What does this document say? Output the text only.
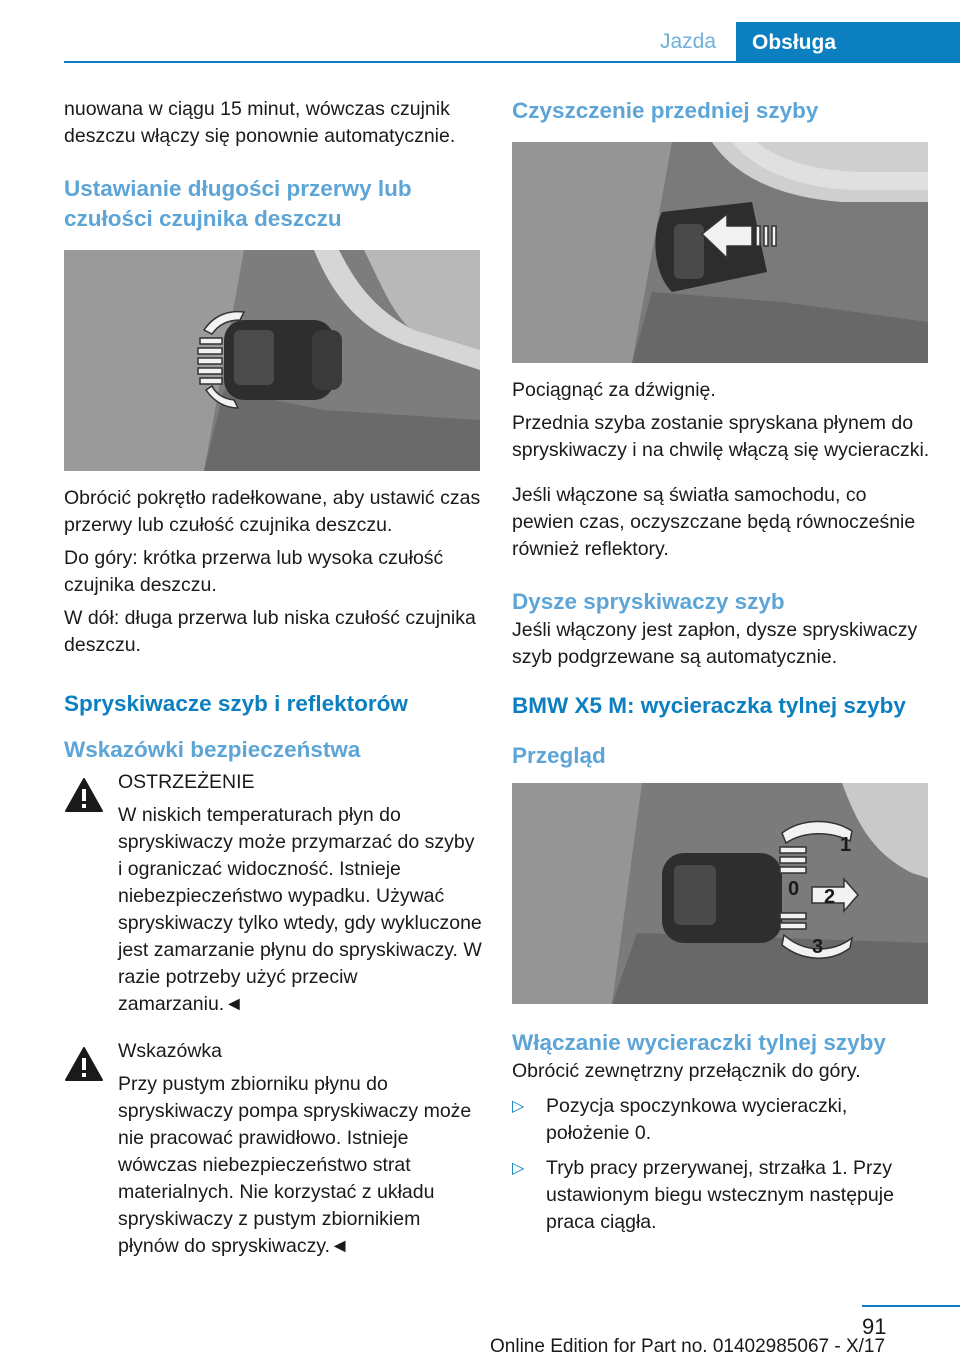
Jazda	Obsługa

nuowana w ciągu 15 minut, wówczas czujnik deszczu włączy się ponownie automatycznie.

Ustawianie długości przerwy lub czułości czujnika deszczu

Obrócić pokrętło radełkowane, aby ustawić czas przerwy lub czułość czujnika deszczu.

Do góry: krótka przerwa lub wysoka czułość czujnika deszczu.

W dół: długa przerwa lub niska czułość czujnika deszczu.

Spryskiwacze szyb i reflektorów
Wskazówki bezpieczeństwa

OSTRZEŻENIE

W niskich temperaturach płyn do spryskiwaczy może przymarzać do szyby i ograniczać widoczność. Istnieje niebezpieczeństwo wypadku. Używać spryskiwaczy tylko wtedy, gdy wykluczone jest zamarzanie płynu do spryskiwaczy. W razie potrzeby użyć przeciw zamarzaniu.◄

Wskazówka

Przy pustym zbiorniku płynu do spryskiwaczy pompa spryskiwaczy może nie pracować prawidłowo. Istnieje wówczas niebezpieczeństwo strat materialnych. Nie korzystać z układu spryskiwaczy z pustym zbiornikiem płynów do spryskiwaczy.◄

Czyszczenie przedniej szyby

Pociągnąć za dźwignię.

Przednia szyba zostanie spryskana płynem do spryskiwaczy i na chwilę włączą się wycieraczki.

Jeśli włączone są światła samochodu, co pewien czas, oczyszczane będą równocześnie również reflektory.

Dysze spryskiwaczy szyb

Jeśli włączony jest zapłon, dysze spryskiwaczy szyb podgrzewane są automatycznie.

BMW X5 M: wycieraczka tylnej szyby
Przegląd
1
0 2
3
Włączanie wycieraczki tylnej szyby

Obrócić zewnętrzny przełącznik do góry.

▷ Pozycja spoczynkowa wycieraczki, położenie 0.
▷ Tryb pracy przerywanej, strzałka 1. Przy ustawionym biegu wstecznym następuje praca ciągła.
91
Online Edition for Part no. 01402985067 - X/17
